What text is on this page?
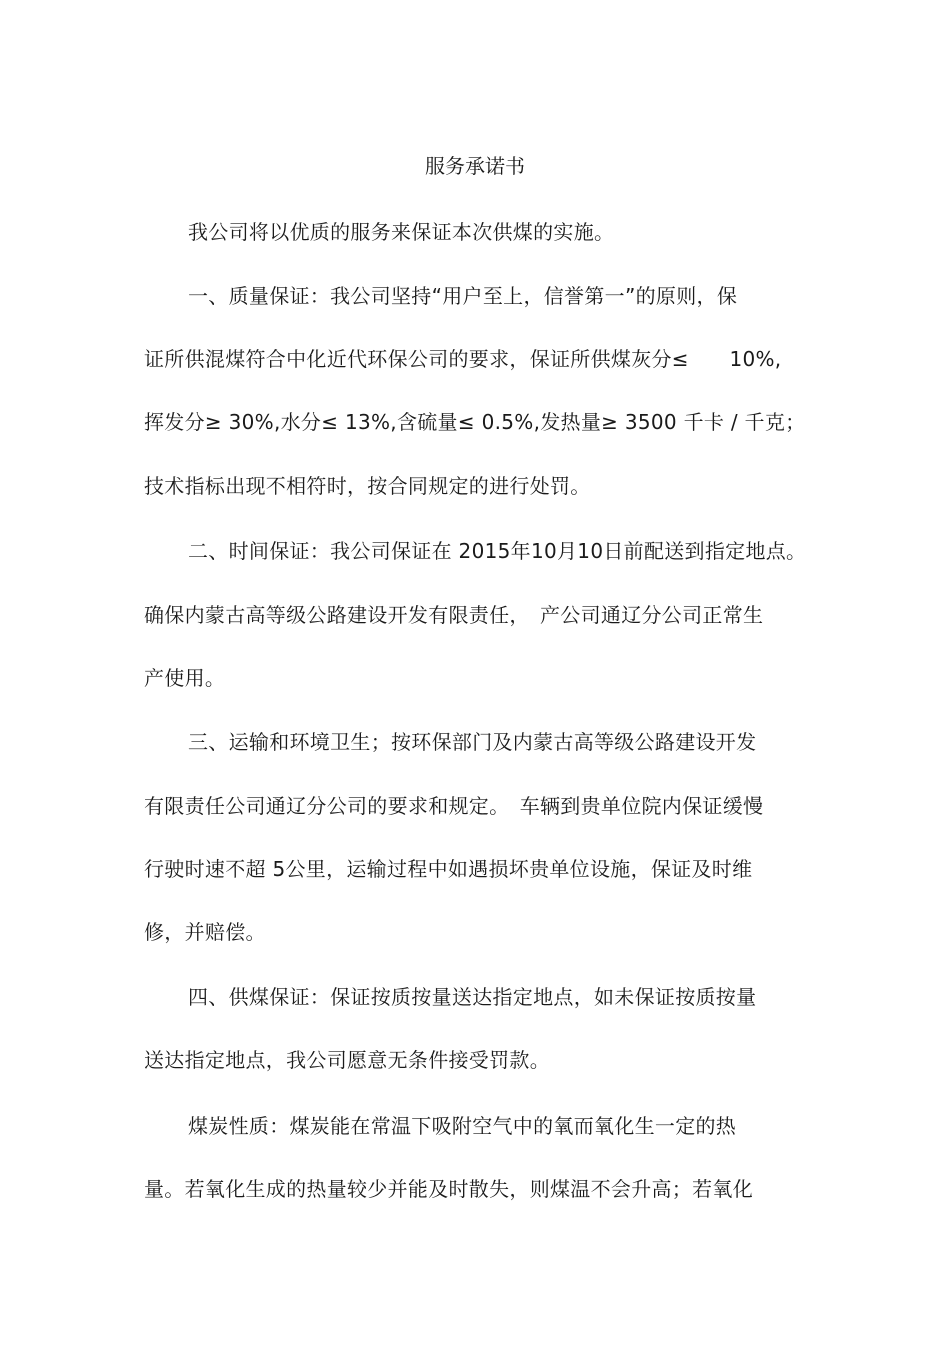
服务承诺书
我公司将以优质的服务来保证本次供煤的实施。
一、质量保证：我公司坚持“用户至上，信誉第一”的原则，保
证所供混煤符合中化近代环保公司的要求，保证所供煤灰分≤　　10%,
挥发分≥ 30%,水分≤ 13%,含硫量≤ 0.5%,发热量≥ 3500 千卡 / 千克；
技术指标出现不相符时，按合同规定的进行处罚。
二、时间保证：我公司保证在 2015年10月10日前配送到指定地点。
确保内蒙古高等级公路建设开发有限责任，　产公司通辽分公司正常生
产使用。
三、运输和环境卫生；按环保部门及内蒙古高等级公路建设开发
有限责任公司通辽分公司的要求和规定。　车辆到贵单位院内保证缓慢
行驶时速不超 5公里，运输过程中如遇损坏贵单位设施，保证及时维
修，并赔偿。
四、供煤保证：保证按质按量送达指定地点，如未保证按质按量
送达指定地点，我公司愿意无条件接受罚款。
煤炭性质：煤炭能在常温下吸附空气中的氧而氧化生一定的热
量。若氧化生成的热量较少并能及时散失，则煤温不会升高；若氧化
